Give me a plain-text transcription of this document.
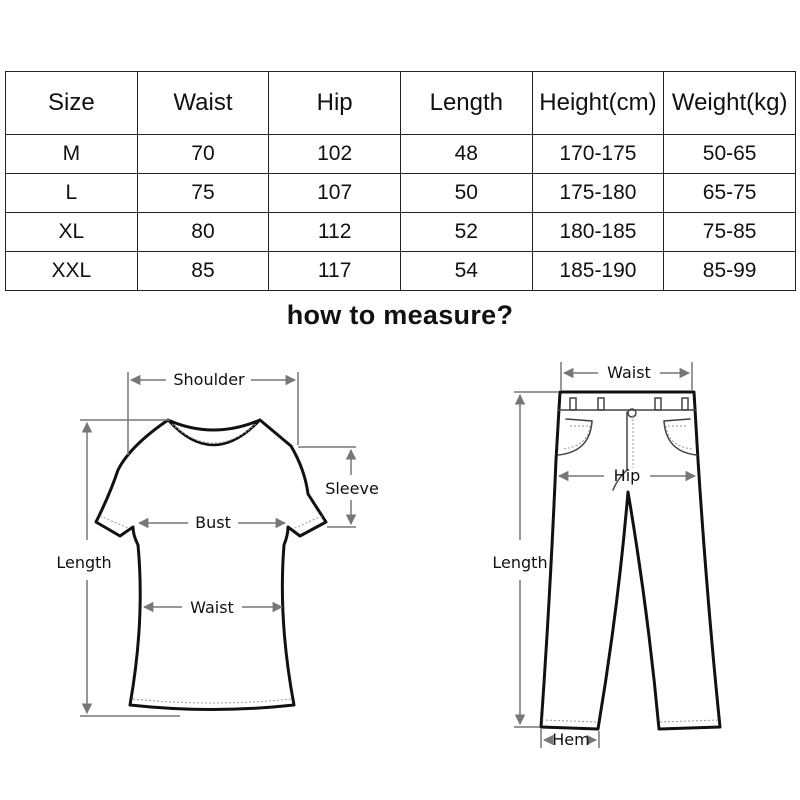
Size	Waist	Hip	Length	Height(cm)	Weight(kg)
M	70	102	48	170-175	50-65
L	75	107	50	175-180	65-75
XL	80	112	52	180-185	75-85
XXL	85	117	54	185-190	85-99
how to measure?
Shoulder
Sleeve
Bust
Waist
Length
Waist
Hip
Length
Hem
